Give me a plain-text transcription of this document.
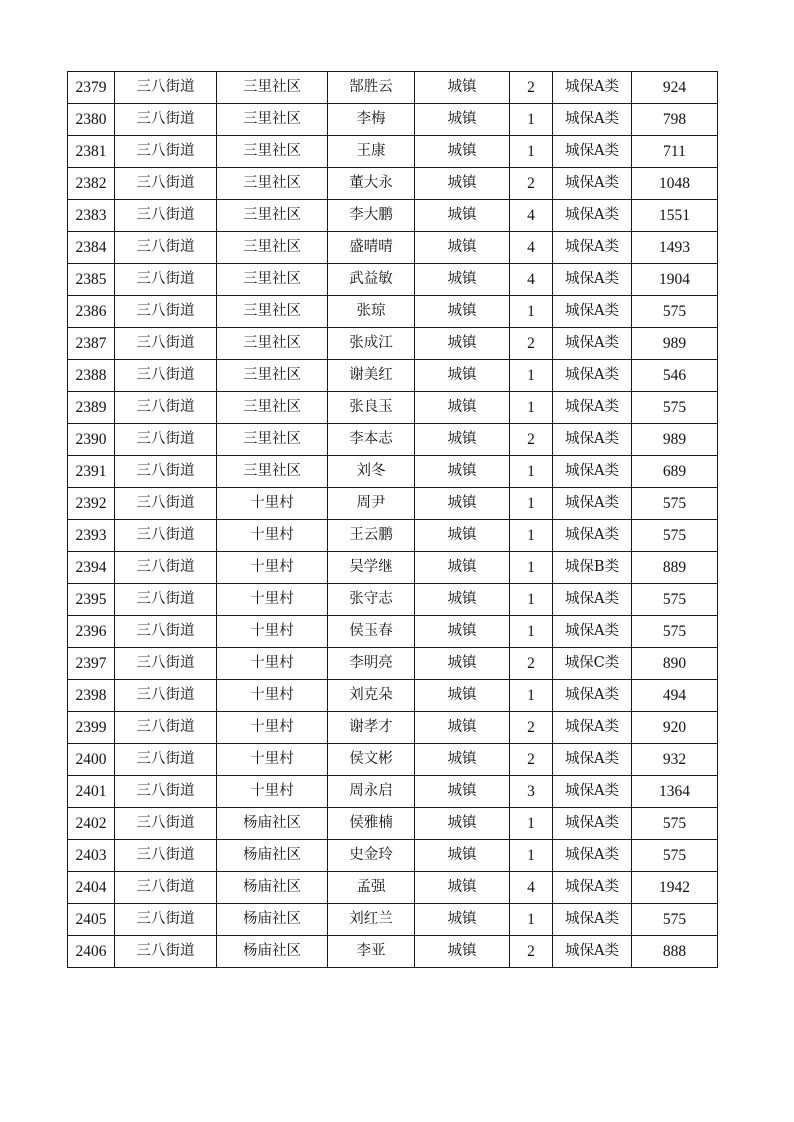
2379	三八街道	三里社区	郜胜云	城镇	2	城保A类	924
2380	三八街道	三里社区	李梅	城镇	1	城保A类	798
2381	三八街道	三里社区	王康	城镇	1	城保A类	711
2382	三八街道	三里社区	董大永	城镇	2	城保A类	1048
2383	三八街道	三里社区	李大鹏	城镇	4	城保A类	1551
2384	三八街道	三里社区	盛晴晴	城镇	4	城保A类	1493
2385	三八街道	三里社区	武益敏	城镇	4	城保A类	1904
2386	三八街道	三里社区	张琼	城镇	1	城保A类	575
2387	三八街道	三里社区	张成江	城镇	2	城保A类	989
2388	三八街道	三里社区	谢美红	城镇	1	城保A类	546
2389	三八街道	三里社区	张良玉	城镇	1	城保A类	575
2390	三八街道	三里社区	李本志	城镇	2	城保A类	989
2391	三八街道	三里社区	刘冬	城镇	1	城保A类	689
2392	三八街道	十里村	周尹	城镇	1	城保A类	575
2393	三八街道	十里村	王云鹏	城镇	1	城保A类	575
2394	三八街道	十里村	吴学继	城镇	1	城保B类	889
2395	三八街道	十里村	张守志	城镇	1	城保A类	575
2396	三八街道	十里村	侯玉春	城镇	1	城保A类	575
2397	三八街道	十里村	李明亮	城镇	2	城保C类	890
2398	三八街道	十里村	刘克朵	城镇	1	城保A类	494
2399	三八街道	十里村	谢孝才	城镇	2	城保A类	920
2400	三八街道	十里村	侯文彬	城镇	2	城保A类	932
2401	三八街道	十里村	周永启	城镇	3	城保A类	1364
2402	三八街道	杨庙社区	侯雅楠	城镇	1	城保A类	575
2403	三八街道	杨庙社区	史金玲	城镇	1	城保A类	575
2404	三八街道	杨庙社区	孟强	城镇	4	城保A类	1942
2405	三八街道	杨庙社区	刘红兰	城镇	1	城保A类	575
2406	三八街道	杨庙社区	李亚	城镇	2	城保A类	888
